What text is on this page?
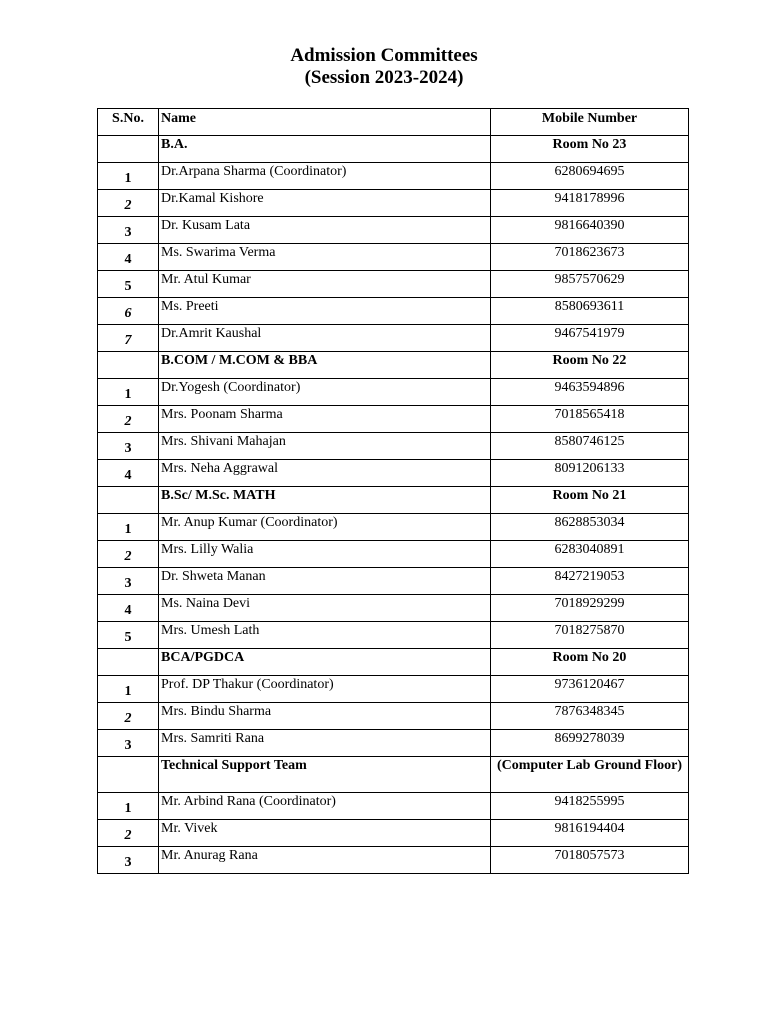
Admission Committees
(Session 2023-2024)
S.No.	Name	Mobile Number
	B.A.	Room No 23
1	Dr.Arpana Sharma (Coordinator)	6280694695
2	Dr.Kamal Kishore	9418178996
3	Dr. Kusam Lata	9816640390
4	Ms. Swarima Verma	7018623673
5	Mr. Atul Kumar	9857570629
6	Ms. Preeti	8580693611
7	Dr.Amrit Kaushal	9467541979
	B.COM / M.COM & BBA	Room No 22
1	Dr.Yogesh (Coordinator)	9463594896
2	Mrs. Poonam Sharma	7018565418
3	Mrs. Shivani Mahajan	8580746125
4	Mrs. Neha Aggrawal	8091206133
	B.Sc/ M.Sc. MATH	Room No 21
1	Mr. Anup Kumar (Coordinator)	8628853034
2	Mrs. Lilly Walia	6283040891
3	Dr. Shweta Manan	8427219053
4	Ms. Naina Devi	7018929299
5	Mrs. Umesh Lath	7018275870
	BCA/PGDCA	Room No 20
1	Prof. DP Thakur (Coordinator)	9736120467
2	Mrs. Bindu Sharma	7876348345
3	Mrs. Samriti Rana	8699278039
	Technical Support Team	(Computer Lab Ground Floor)
1	Mr. Arbind Rana (Coordinator)	9418255995
2	Mr. Vivek	9816194404
3	Mr. Anurag Rana	7018057573
